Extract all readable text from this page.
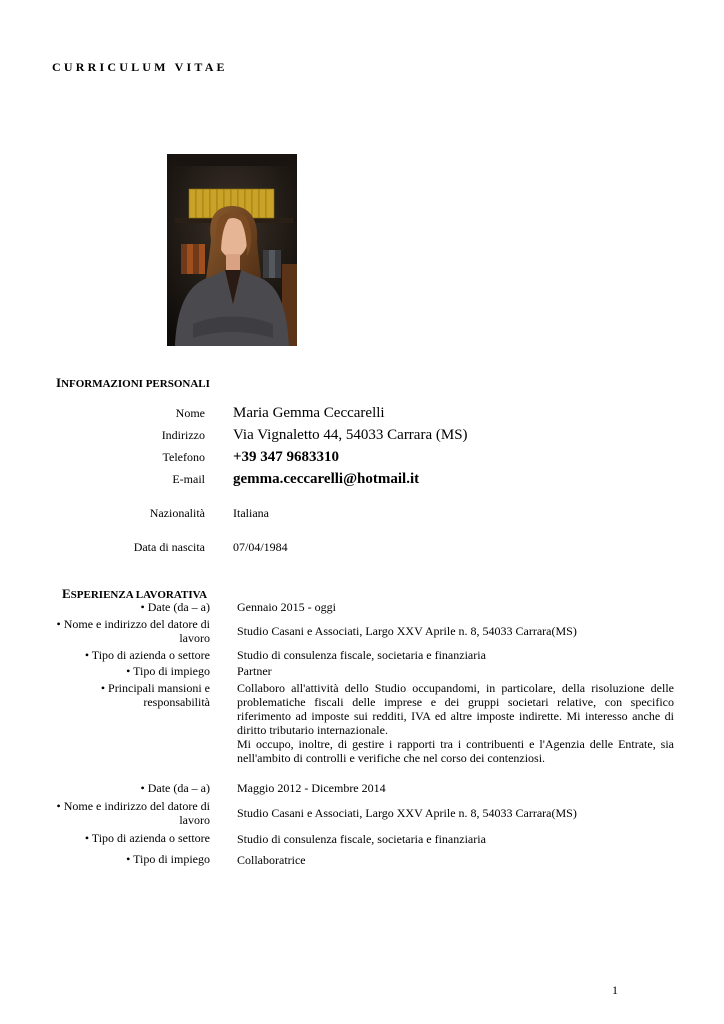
CURRICULUM VITAE
INFORMAZIONI PERSONALI
Nome Maria Gemma Ceccarelli
Indirizzo Via Vignaletto 44, 54033 Carrara (MS)
Telefono +39 347 9683310
E-mail gemma.ceccarelli@hotmail.it
Nazionalità Italiana
Data di nascita 07/04/1984
ESPERIENZA LAVORATIVA
• Date (da – a) Gennaio 2015 - oggi
• Nome e indirizzo del datore di
lavoro Studio Casani e Associati, Largo XXV Aprile n. 8, 54033 Carrara(MS)
• Tipo di azienda o settore Studio di consulenza fiscale, societaria e finanziaria
• Tipo di impiego Partner
• Principali mansioni e
responsabilità

Collaboro all'attività dello Studio occupandomi, in particolare, della risoluzione delle problematiche fiscali delle imprese e dei gruppi societari relative, con specifico riferimento ad imposte sui redditi, IVA ed altre imposte indirette. Mi interesso anche di diritto tributario internazionale.

Mi occupo, inoltre, di gestire i rapporti tra i contribuenti e l'Agenzia delle Entrate, sia nell'ambito di controlli e verifiche che nel corso dei contenziosi.

• Date (da – a) Maggio 2012 - Dicembre 2014
• Nome e indirizzo del datore di
lavoro Studio Casani e Associati, Largo XXV Aprile n. 8, 54033 Carrara(MS)
• Tipo di azienda o settore Studio di consulenza fiscale, societaria e finanziaria
• Tipo di impiego Collaboratrice
1
